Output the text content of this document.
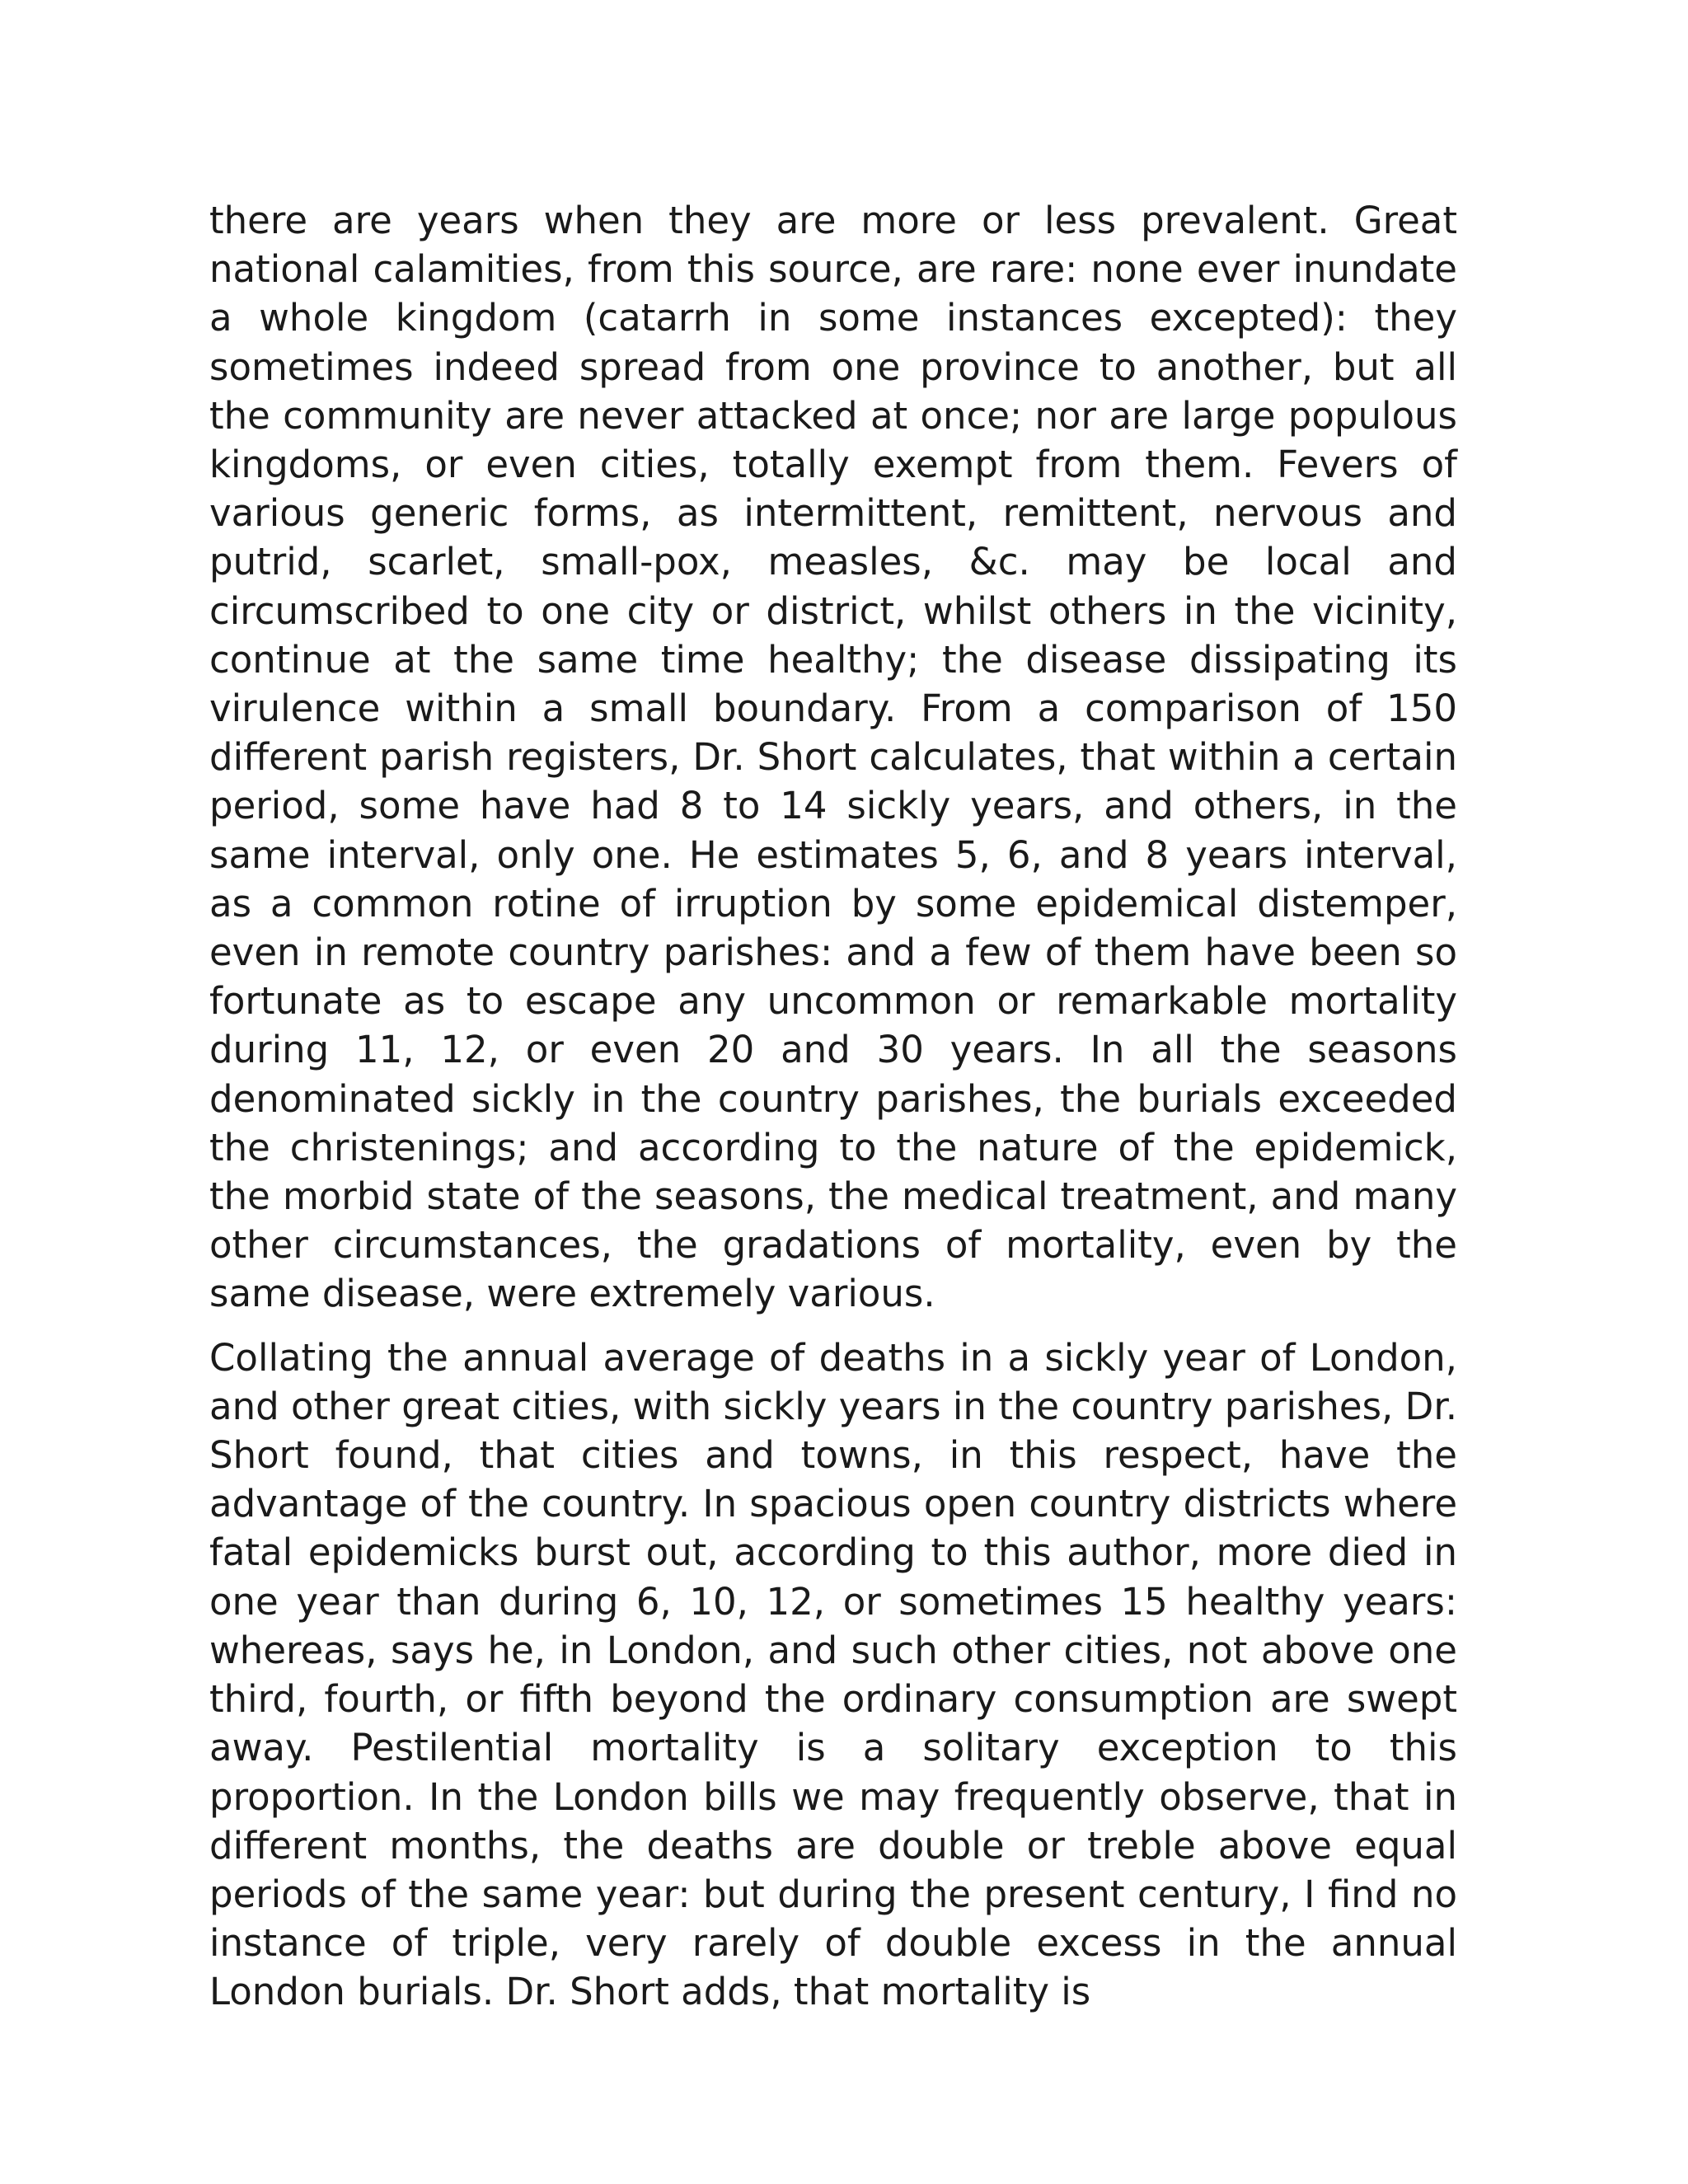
there are years when they are more or less prevalent. Great national calamities, from this source, are rare: none ever inundate a whole kingdom (catarrh in some instances excepted): they sometimes indeed spread from one province to another, but all the community are never attacked at once; nor are large populous kingdoms, or even cities, totally exempt from them. Fevers of various generic forms, as intermittent, remittent, nervous and putrid, scarlet, small-pox, measles, &c. may be local and circumscribed to one city or district, whilst others in the vicinity, continue at the same time healthy; the disease dissipating its virulence within a small boundary. From a comparison of 150 different parish registers, Dr. Short calculates, that within a certain period, some have had 8 to 14 sickly years, and others, in the same interval, only one. He estimates 5, 6, and 8 years interval, as a common rotine of irruption by some epidemical distemper, even in remote country parishes: and a few of them have been so fortunate as to escape any uncommon or remarkable mortality during 11, 12, or even 20 and 30 years. In all the seasons denominated sickly in the country parishes, the burials exceeded the christenings; and according to the nature of the epidemick, the morbid state of the seasons, the medical treatment, and many other circumstances, the gradations of mortality, even by the same disease, were extremely various.

Collating the annual average of deaths in a sickly year of London, and other great cities, with sickly years in the country parishes, Dr. Short found, that cities and towns, in this respect, have the advantage of the country. In spacious open country districts where fatal epidemicks burst out, according to this author, more died in one year than during 6, 10, 12, or sometimes 15 healthy years: whereas, says he, in London, and such other cities, not above one third, fourth, or fifth beyond the ordinary consumption are swept away. Pestilential mortality is a solitary exception to this proportion. In the London bills we may frequently observe, that in different months, the deaths are double or treble above equal periods of the same year: but during the present century, I find no instance of triple, very rarely of double excess in the annual London burials. Dr. Short adds, that mortality is
